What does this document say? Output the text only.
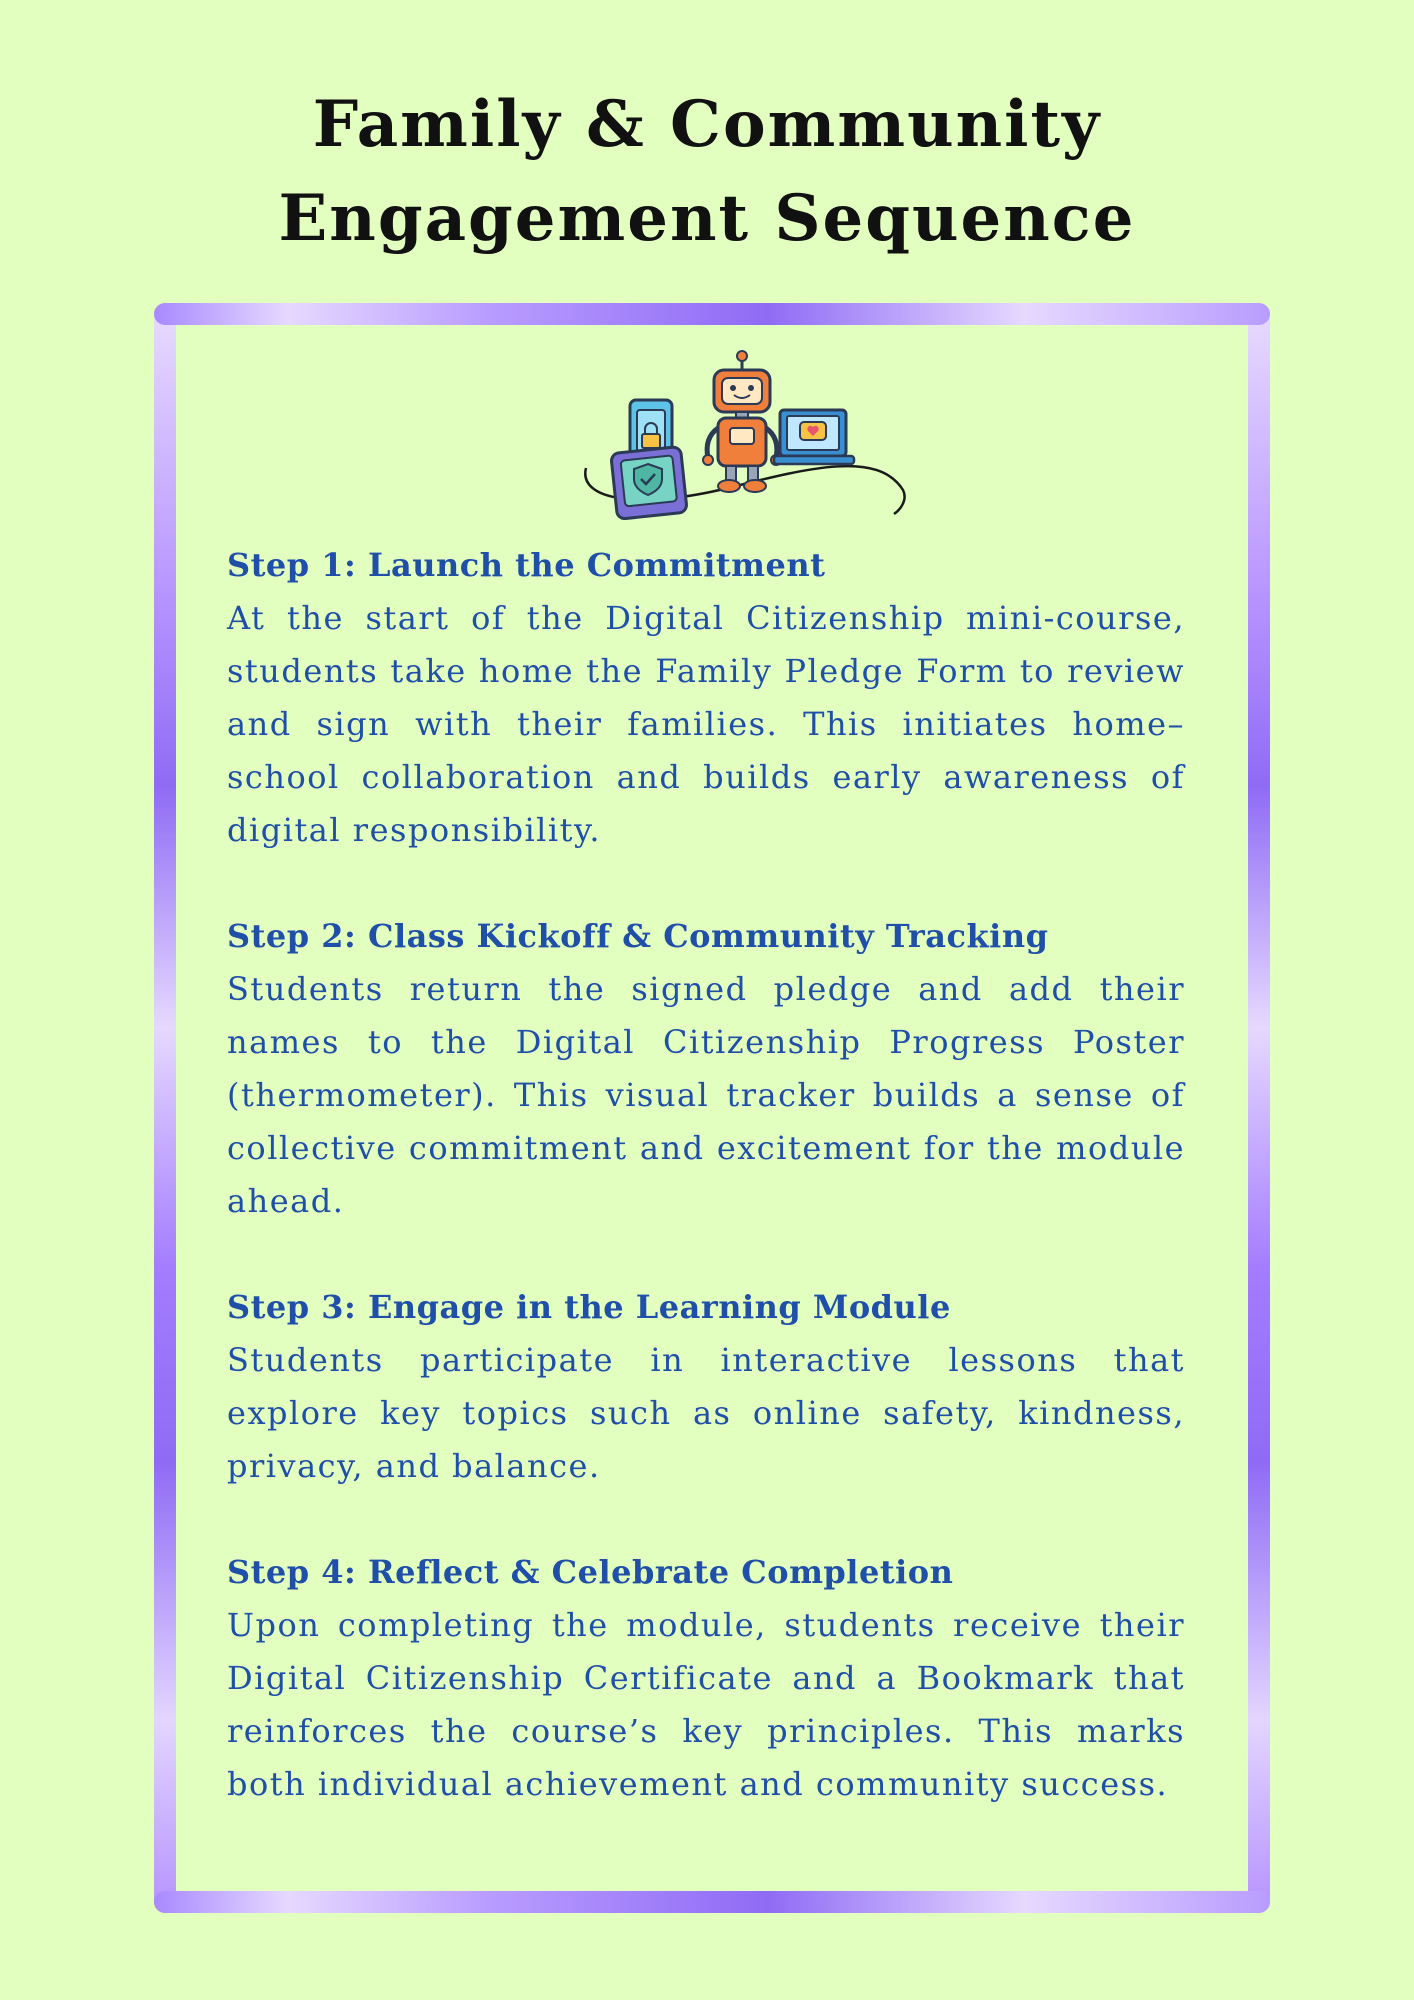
Family & Community
Engagement Sequence

Step 1: Launch the Commitment

At the start of the Digital Citizenship mini-course, students take home the Family Pledge Form to review and sign with their families. This initiates home–school collaboration and builds early awareness of digital responsibility.

Step 2: Class Kickoff & Community Tracking

Students return the signed pledge and add their names to the Digital Citizenship Progress Poster (thermometer). This visual tracker builds a sense of collective commitment and excitement for the module ahead.

Step 3: Engage in the Learning Module

Students participate in interactive lessons that explore key topics such as online safety, kindness, privacy, and balance.

Step 4: Reflect & Celebrate Completion

Upon completing the module, students receive their Digital Citizenship Certificate and a Bookmark that reinforces the course’s key principles. This marks both individual achievement and community success.
